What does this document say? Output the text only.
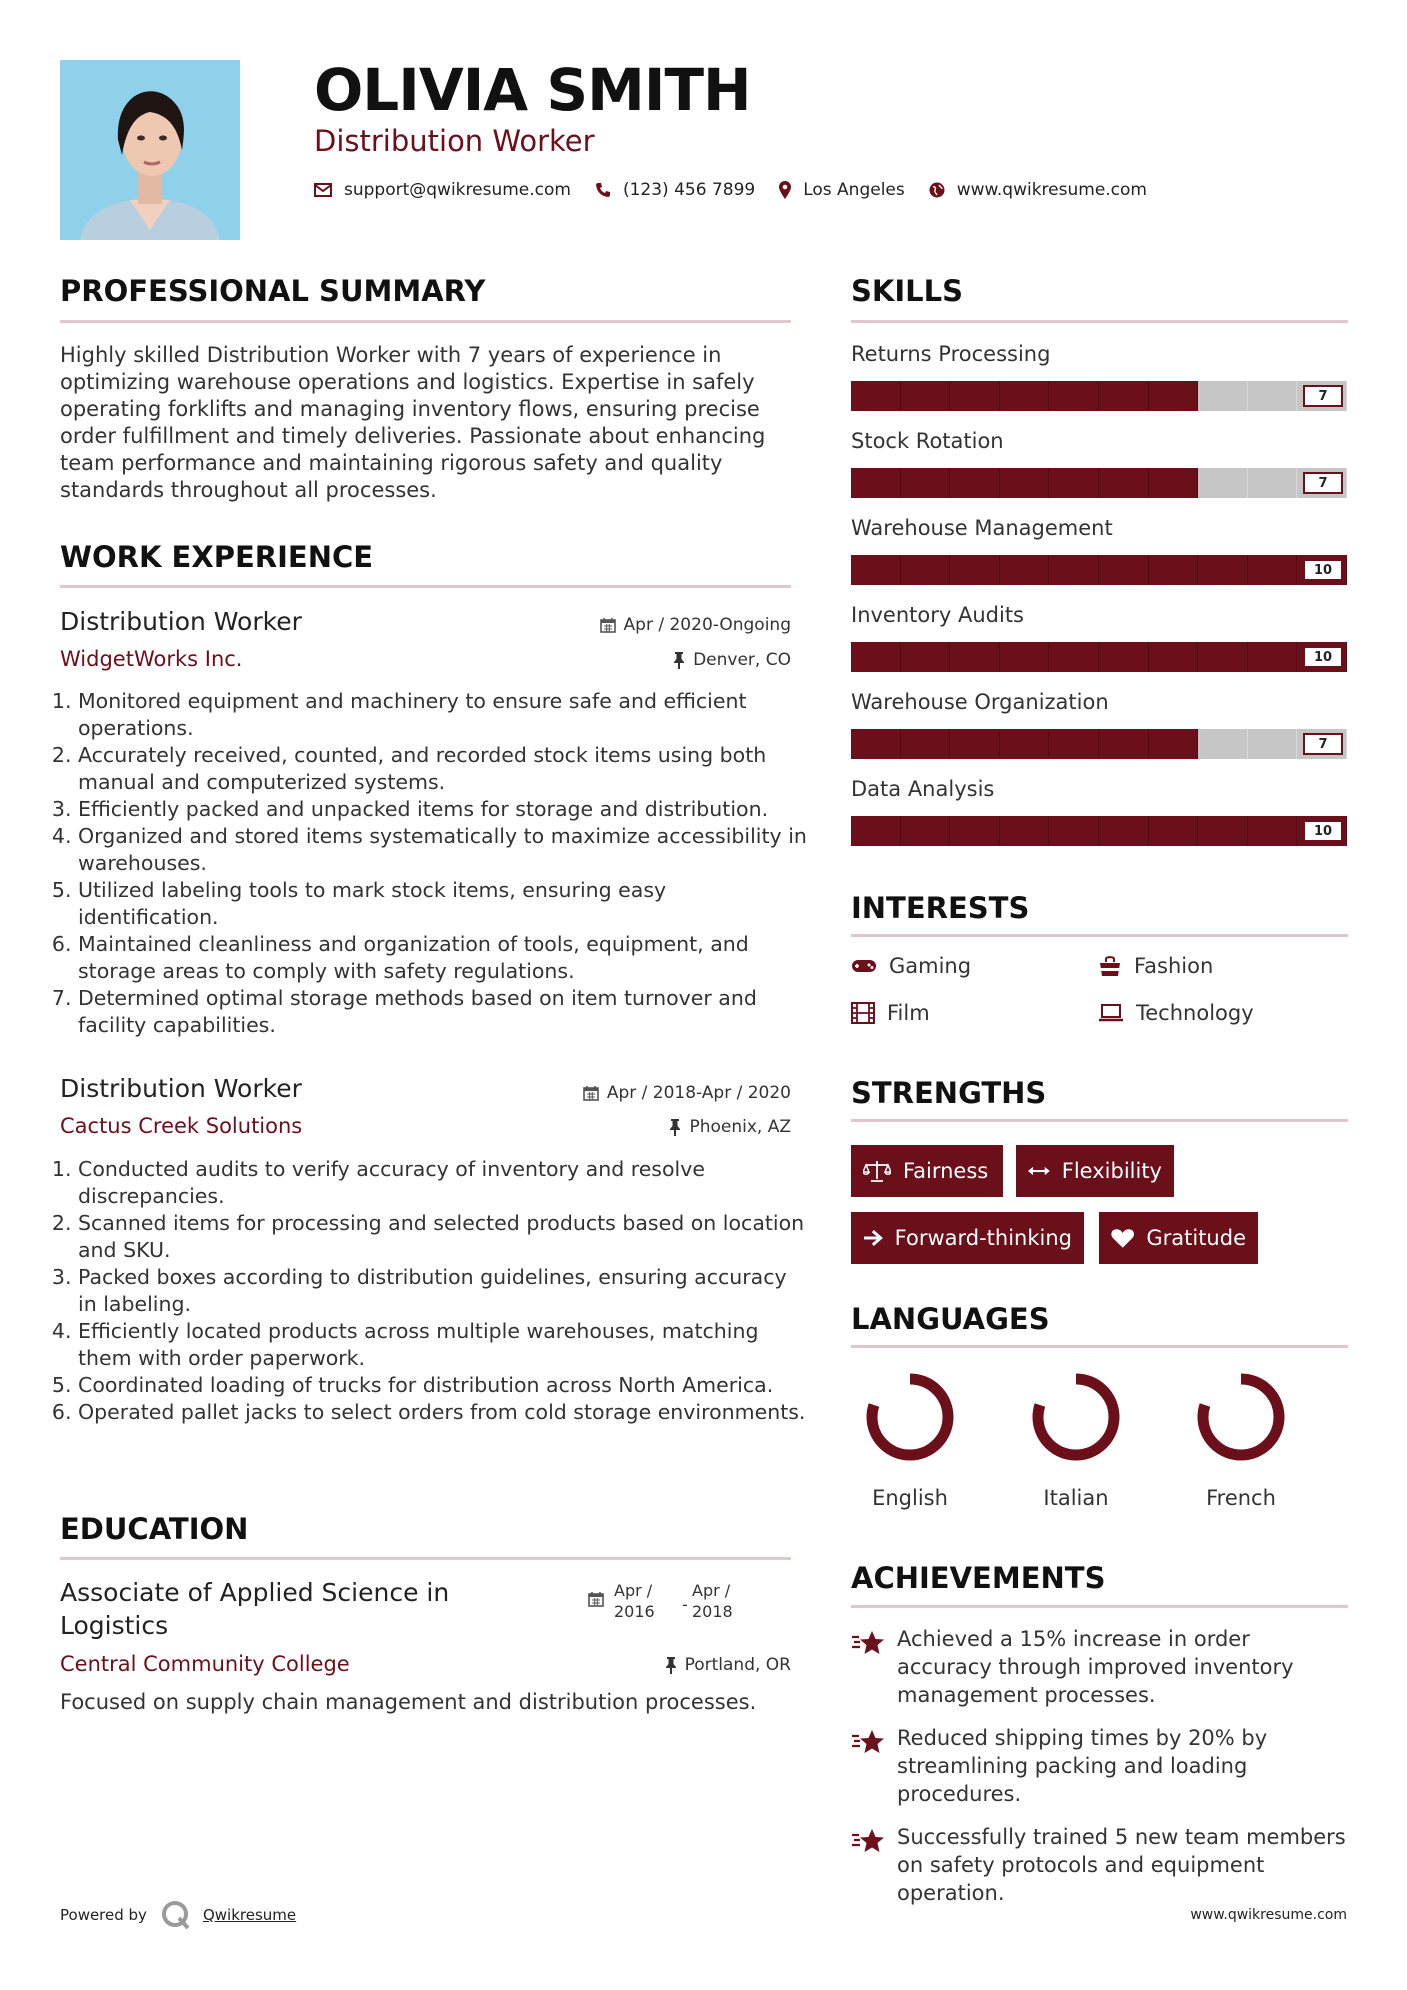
OLIVIA SMITH
Distribution Worker
support@qwikresume.com	(123) 456 7899	Los Angeles	www.qwikresume.com
PROFESSIONAL SUMMARY
Highly skilled Distribution Worker with 7 years of experience in optimizing warehouse operations and logistics. Expertise in safely operating forklifts and managing inventory flows, ensuring precise order fulfillment and timely deliveries. Passionate about enhancing team performance and maintaining rigorous safety and quality standards throughout all processes.
WORK EXPERIENCE
Distribution Worker	Apr / 2020-Ongoing
WidgetWorks Inc.	Denver, CO
1. Monitored equipment and machinery to ensure safe and efficient operations.
2. Accurately received, counted, and recorded stock items using both manual and computerized systems.
3. Efficiently packed and unpacked items for storage and distribution.
4. Organized and stored items systematically to maximize accessibility in warehouses.
5. Utilized labeling tools to mark stock items, ensuring easy identification.
6. Maintained cleanliness and organization of tools, equipment, and storage areas to comply with safety regulations.
7. Determined optimal storage methods based on item turnover and facility capabilities.
Distribution Worker	Apr / 2018-Apr / 2020
Cactus Creek Solutions	Phoenix, AZ
1. Conducted audits to verify accuracy of inventory and resolve discrepancies.
2. Scanned items for processing and selected products based on location and SKU.
3. Packed boxes according to distribution guidelines, ensuring accuracy in labeling.
4. Efficiently located products across multiple warehouses, matching them with order paperwork.
5. Coordinated loading of trucks for distribution across North America.
6. Operated pallet jacks to select orders from cold storage environments.
EDUCATION
Associate of Applied Science in Logistics
Apr /
2016	-
Apr /
2018
Central Community College	Portland, OR
Focused on supply chain management and distribution processes.
SKILLS
Returns Processing
7
Stock Rotation
7
Warehouse Management
10
Inventory Audits
10
Warehouse Organization
7
Data Analysis
10
INTERESTS
Gaming	Fashion
Film	Technology
STRENGTHS
Fairness	Flexibility
Forward-thinking	Gratitude
LANGUAGES
English	Italian	French
ACHIEVEMENTS
Achieved a 15% increase in order accuracy through improved inventory management processes.
Reduced shipping times by 20% by streamlining packing and loading procedures.
Successfully trained 5 new team members on safety protocols and equipment operation.
Powered by	Qwikresume	www.qwikresume.com
